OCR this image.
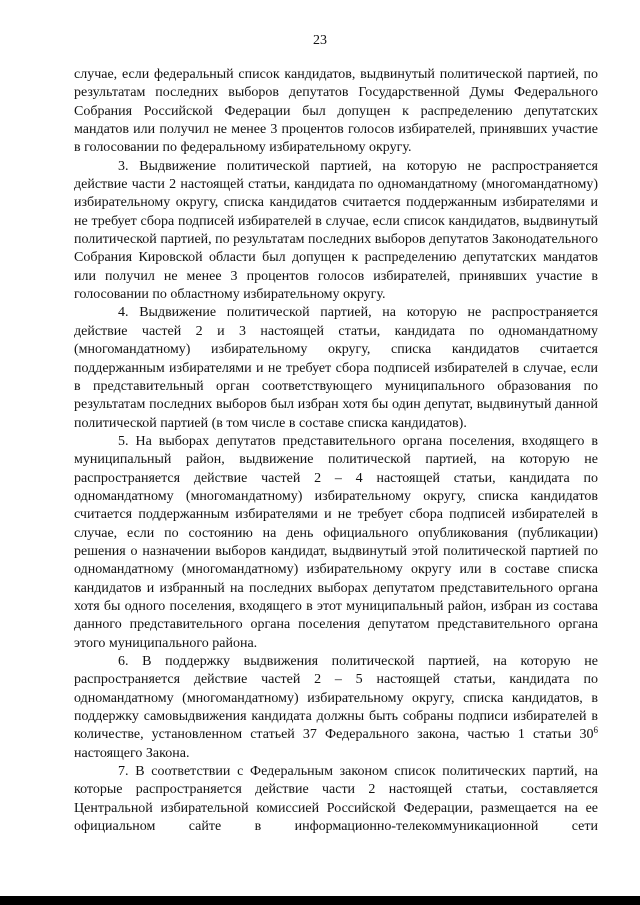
23

случае, если федеральный список кандидатов, выдвинутый политической партией, по результатам последних выборов депутатов Государственной Думы Федерального Собрания Российской Федерации был допущен к распределению депутатских мандатов или получил не менее 3 процентов голосов избирателей, принявших участие в голосовании по федеральному избирательному округу.

3. Выдвижение политической партией, на которую не распространяется действие части 2 настоящей статьи, кандидата по одномандатному (многомандатному) избирательному округу, списка кандидатов считается поддержанным избирателями и не требует сбора подписей избирателей в случае, если список кандидатов, выдвинутый политической партией, по результатам последних выборов депутатов Законодательного Собрания Кировской области был допущен к распределению депутатских мандатов или получил не менее 3 процентов голосов избирателей, принявших участие в голосовании по областному избирательному округу.

4. Выдвижение политической партией, на которую не распространяется действие частей 2 и 3 настоящей статьи, кандидата по одномандатному (многомандатному) избирательному округу, списка кандидатов считается поддержанным избирателями и не требует сбора подписей избирателей в случае, если в представительный орган соответствующего муниципального образования по результатам последних выборов был избран хотя бы один депутат, выдвинутый данной политической партией (в том числе в составе списка кандидатов).

5. На выборах депутатов представительного органа поселения, входящего в муниципальный район, выдвижение политической партией, на которую не распространяется действие частей 2 – 4 настоящей статьи, кандидата по одномандатному (многомандатному) избирательному округу, списка кандидатов считается поддержанным избирателями и не требует сбора подписей избирателей в случае, если по состоянию на день официального опубликования (публикации) решения о назначении выборов кандидат, выдвинутый этой политической партией по одномандатному (многомандатному) избирательному округу или в составе списка кандидатов и избранный на последних выборах депутатом представительного органа хотя бы одного поселения, входящего в этот муниципальный район, избран из состава данного представительного органа поселения депутатом представительного органа этого муниципального района.

6. В поддержку выдвижения политической партией, на которую не распространяется действие частей 2 – 5 настоящей статьи, кандидата по одномандатному (многомандатному) избирательному округу, списка кандидатов, в поддержку самовыдвижения кандидата должны быть собраны подписи избирателей в количестве, установленном статьей 37 Федерального закона, частью 1 статьи $30^6$ настоящего Закона.

7. В соответствии с Федеральным законом список политических партий, на которые распространяется действие части 2 настоящей статьи, составляется Центральной избирательной комиссией Российской Федерации, размещается на ее официальном сайте в информационно-телекоммуникационной сети
